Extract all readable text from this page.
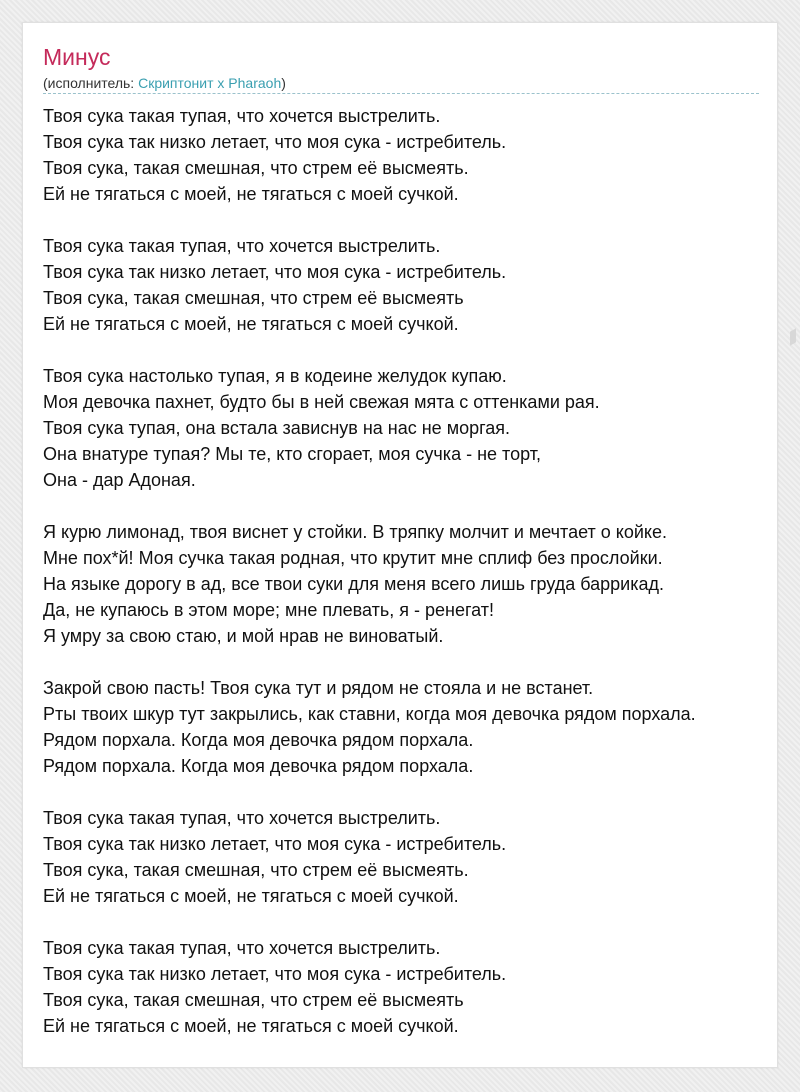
Минус
(исполнитель: Скриптонит х Pharaoh)
Твоя сука такая тупая, что хочется выстрелить.
Твоя сука так низко летает, что моя сука - истребитель.
Твоя сука, такая смешная, что стрем её высмеять.
Ей не тягаться с моей, не тягаться с моей сучкой.
Твоя сука такая тупая, что хочется выстрелить.
Твоя сука так низко летает, что моя сука - истребитель.
Твоя сука, такая смешная, что стрем её высмеять
Ей не тягаться с моей, не тягаться с моей сучкой.
Твоя сука настолько тупая, я в кодеине желудок купаю.
Моя девочка пахнет, будто бы в ней свежая мята с оттенками рая.
Твоя сука тупая, она встала зависнув на нас не моргая.
Она внатуре тупая? Мы те, кто сгорает, моя сучка - не торт,
Она - дар Адоная.
Я курю лимонад, твоя виснет у стойки. В тряпку молчит и мечтает о койке.
Мне пох*й! Моя сучка такая родная, что крутит мне сплиф без прослойки.
На языке дорогу в ад, все твои суки для меня всего лишь груда баррикад.
Да, не купаюсь в этом море; мне плевать, я - ренегат!
Я умру за свою стаю, и мой нрав не виноватый.
Закрой свою пасть! Твоя сука тут и рядом не стояла и не встанет.
Рты твоих шкур тут закрылись, как ставни, когда моя девочка рядом порхала.
Рядом порхала. Когда моя девочка рядом порхала.
Рядом порхала. Когда моя девочка рядом порхала.
Твоя сука такая тупая, что хочется выстрелить.
Твоя сука так низко летает, что моя сука - истребитель.
Твоя сука, такая смешная, что стрем её высмеять.
Ей не тягаться с моей, не тягаться с моей сучкой.
Твоя сука такая тупая, что хочется выстрелить.
Твоя сука так низко летает, что моя сука - истребитель.
Твоя сука, такая смешная, что стрем её высмеять
Ей не тягаться с моей, не тягаться с моей сучкой.
